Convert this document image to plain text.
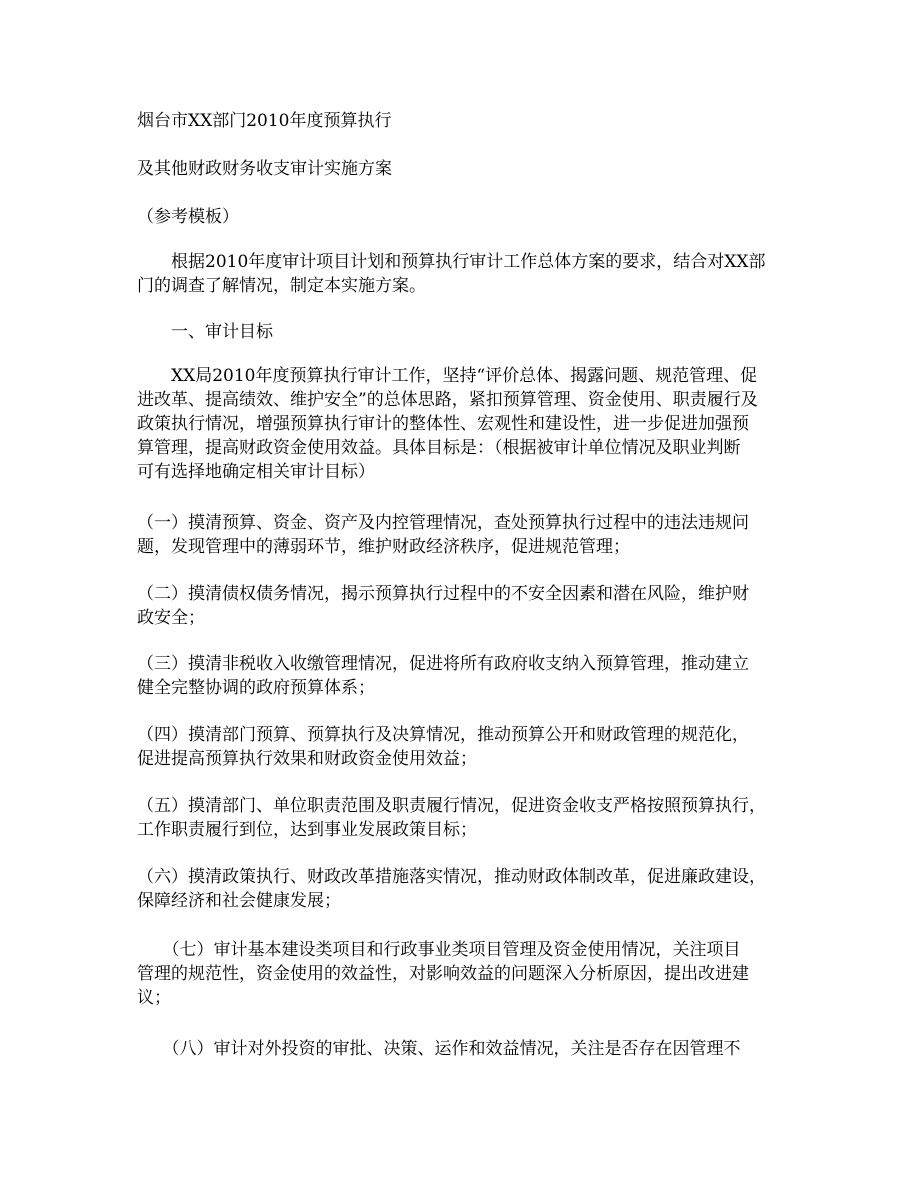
烟台市XX部门2010年度预算执行

及其他财政财务收支审计实施方案

（参考模板）

　　根据2010年度审计项目计划和预算执行审计工作总体方案的要求，结合对XX部
门的调查了解情况，制定本实施方案。

　　一、审计目标

　　XX局2010年度预算执行审计工作，坚持“评价总体、揭露问题、规范管理、促
进改革、提高绩效、维护安全”的总体思路，紧扣预算管理、资金使用、职责履行及
政策执行情况，增强预算执行审计的整体性、宏观性和建设性，进一步促进加强预
算管理，提高财政资金使用效益。具体目标是：（根据被审计单位情况及职业判断
可有选择地确定相关审计目标）

（一）摸清预算、资金、资产及内控管理情况，查处预算执行过程中的违法违规问
题，发现管理中的薄弱环节，维护财政经济秩序，促进规范管理；

（二）摸清债权债务情况，揭示预算执行过程中的不安全因素和潜在风险，维护财
政安全；

（三）摸清非税收入收缴管理情况，促进将所有政府收支纳入预算管理，推动建立
健全完整协调的政府预算体系；

（四）摸清部门预算、预算执行及决算情况，推动预算公开和财政管理的规范化，
促进提高预算执行效果和财政资金使用效益；

（五）摸清部门、单位职责范围及职责履行情况，促进资金收支严格按照预算执行，
工作职责履行到位，达到事业发展政策目标；

（六）摸清政策执行、财政改革措施落实情况，推动财政体制改革，促进廉政建设，
保障经济和社会健康发展；

　　（七）审计基本建设类项目和行政事业类项目管理及资金使用情况，关注项目
管理的规范性，资金使用的效益性，对影响效益的问题深入分析原因，提出改进建
议；

　　（八）审计对外投资的审批、决策、运作和效益情况，关注是否存在因管理不
